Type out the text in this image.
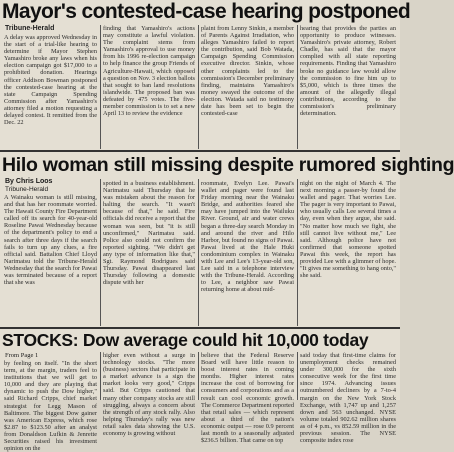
Mayor's contested-case hearing postponed
Tribune-Herald
A delay was approved Wednesday in the start of a trial-like hearing to determine if Mayor Stephen Yamashiro broke any laws when his election campaign got $17,000 to a prohibited donation. Hearings officer Addison Bowman postponed the contested-case hearing at the state Campaign Spending Commission after Yamashiro's attorney filed a motion requesting a delayed contest. It remitted from the Dec. 22
finding that Yamashiro's actions may constitute a lawful violation. The complaint stems from Yamashiro's approval to use money from his 1996 re-election campaign to help finance the group Friends of Agriculture-Hawaii, which opposed a question on Nov. 3 election ballots that sought to ban land resolutions islandwide. The proposed ban was defeated by 475 votes. The five-member commission is to set a new April 13 to review the evidence
plaint from Lenny Sinkin, a member of Parents Against Irradiation, who alleges Yamashiro failed to report the contribution, said Bob Watada, Campaign Spending Commission executive director. Sinkin, whose other complaints led to the commission's December preliminary finding, maintains Yamashiro's money swayed the outcome of the election. Watada said no testimony date has been set to begin the contested-case
hearing that provides the parties an opportunity to produce witnesses. Yamashiro's private attorney, Robert Chadle, has said that the mayor complied with all state reporting requirements. Finding that Yamashiro broke no guidance law would allow the commission to fine him up to $5,000, which is three times the amount of the allegedly illegal contributions, according to the commission's preliminary determination.
Hilo woman still missing despite rumored sighting
By Chris Loos
Tribune-Herald
A Wainaku woman is still missing, and that has her roommate worried. The Hawaii County Fire Department called off its search for 40-year-old Roseline Pawai Wednesday because of the department's policy to end a search after three days if the search fails to turn up any clues, a fire official said. Battalion Chief Lloyd Narimatsu told the Tribune-Herald Wednesday that the search for Pawai was terminated because of a report that she was
spotted in a business establishment. Narimatsu said Thursday that he was mistaken about the reason for halting the search. "It wasn't because of that," he said. Fire officials did receive a report that the woman was seen, but "it is still unconfirmed," Narimatsu said. Police also could not confirm the reported sighting. "We didn't get any type of information like that," Sgt. Raymond Rodrigues said Thursday. Pawai disappeared last Thursday following a domestic dispute with her
roommate, Evelyn Lee. Pawai's wallet and pager were found last Friday morning near the Wainaku Bridge, and authorities feared she may have jumped into the Wailuku River. Ground, air and water crews began a three-day search Monday in and around the river and Hilo Harbor, but found no signs of Pawai. Pawai lived at the Hale Huki condominium complex in Wainaku with Lee and Lee's 13-year-old son, Lee said in a telephone interview with the Tribune-Herald. According to Lee, a neighbor saw Pawai returning home at about mid-
night on the night of March 4. The next morning a passer-by found the wallet and pager. That worries Lee. The pager is very important to Pawai, who usually calls Lee several times a day, even when they argue, she said. "No matter how much we fight, she still cannot live without me," Lee said. Although police have not confirmed that someone spotted Pawai this week, the report has provided Lee with a glimmer of hope. "It gives me something to hang onto," she said.
STOCKS: Dow average could hit 10,000 today
From Page 1
by feeling on itself. "In the short term, at the margin, traders feel to institutions that we will get to 10,000 and they are playing that dynamic to push the Dow higher," said Richard Cripps, chief market strategist for Legg Mason of Baltimore. The biggest Dow gainer was American Express, which rose $2.87 to $123.50 after an analyst from Donaldson Lufkin & Jenrette Securities raised his investment opinion on the
higher even without a surge in technology stocks. "The more (business) sectors that participate in a market advance is a sign the market looks very good," Cripps said. But Cripps cautioned that many other company stocks are still struggling, always a concern about the strength of any stock rally. Also helping Thursday's rally was new retail sales data showing the U.S. economy is growing without
believe that the Federal Reserve Board will have little reason to boost interest rates in coming months. Higher interest rates increase the cost of borrowing for consumers and corporations and as a result can cool economic growth. The Commerce Department reported that retail sales — which represent about a third of the nation's economic output — rose 0.9 percent last month to a seasonally adjusted $236.5 billion. That came on top
said today that first-time claims for unemployment checks remained under 300,000 for the sixth consecutive week for the first time since 1974. Advancing issues outnumbered decliners by a 7-to-4 margin on the New York Stock Exchange, with 1,747 up and 1,257 down and 563 unchanged. NYSE volume totaled 902.62 million shares as of 4 p.m., vs 852.59 million in the previous session. The NYSE composite index rose
